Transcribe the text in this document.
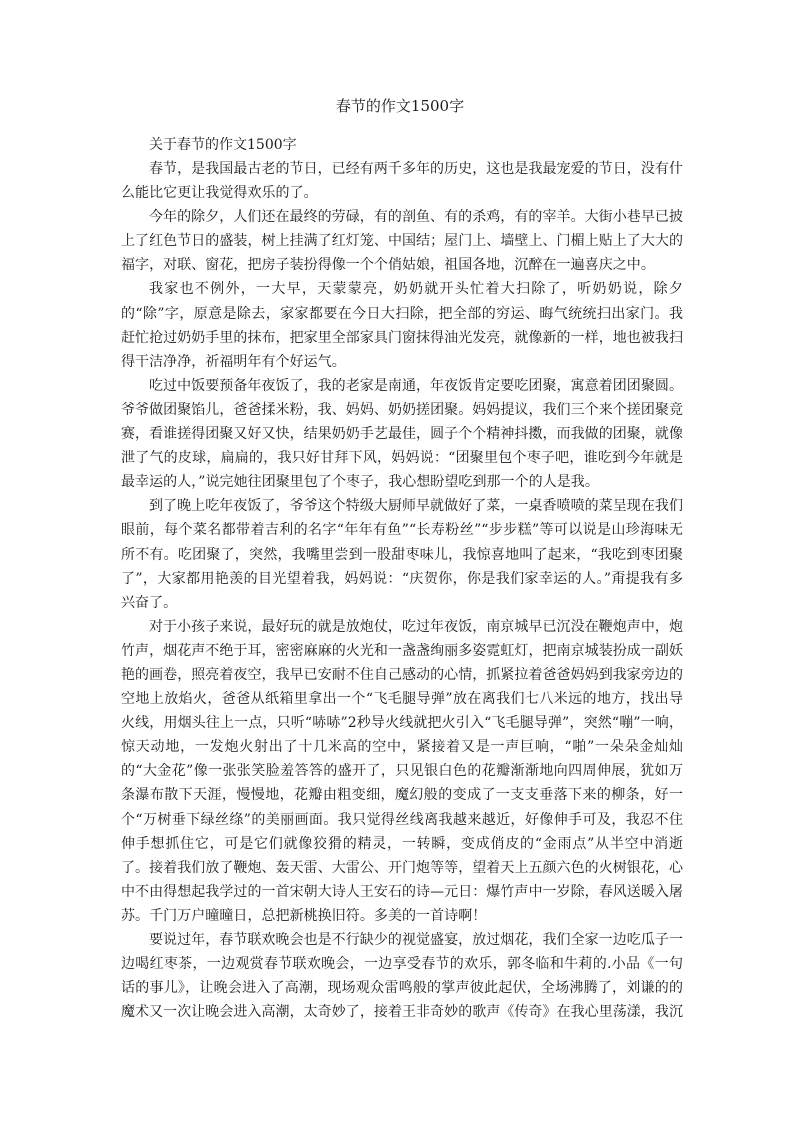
春节的作文1500字

关于春节的作文1500字

春节，是我国最古老的节日，已经有两千多年的历史，这也是我最宠爱的节日，没有什么能比它更让我觉得欢乐的了。

今年的除夕，人们还在最终的劳碌，有的剖鱼、有的杀鸡，有的宰羊。大街小巷早已披上了红色节日的盛装，树上挂满了红灯笼、中国结；屋门上、墙壁上、门楣上贴上了大大的福字，对联、窗花，把房子装扮得像一个个俏姑娘，祖国各地，沉醉在一遍喜庆之中。

我家也不例外，一大早，天蒙蒙亮，奶奶就开头忙着大扫除了，听奶奶说，除夕的“除”字，原意是除去，家家都要在今日大扫除，把全部的穷运、晦气统统扫出家门。我赶忙抢过奶奶手里的抹布，把家里全部家具门窗抹得油光发亮，就像新的一样，地也被我扫得干洁净净，祈福明年有个好运气。

吃过中饭要预备年夜饭了，我的老家是南通，年夜饭肯定要吃团聚，寓意着团团聚圆。爷爷做团聚馅儿，爸爸揉米粉，我、妈妈、奶奶搓团聚。妈妈提议，我们三个来个搓团聚竞赛，看谁搓得团聚又好又快，结果奶奶手艺最佳，圆子个个精神抖擞，而我做的团聚，就像泄了气的皮球，扁扁的，我只好甘拜下风，妈妈说：“团聚里包个枣子吧，谁吃到今年就是最幸运的人，”说完她往团聚里包了个枣子，我心想盼望吃到那一个的人是我。

到了晚上吃年夜饭了，爷爷这个特级大厨师早就做好了菜，一桌香喷喷的菜呈现在我们眼前，每个菜名都带着吉利的名字“年年有鱼”“长寿粉丝”“步步糕”等可以说是山珍海味无所不有。吃团聚了，突然，我嘴里尝到一股甜枣味儿，我惊喜地叫了起来，“我吃到枣团聚了”，大家都用艳羡的目光望着我，妈妈说：“庆贺你，你是我们家幸运的人。”甭提我有多兴奋了。

对于小孩子来说，最好玩的就是放炮仗，吃过年夜饭，南京城早已沉没在鞭炮声中，炮竹声，烟花声不绝于耳，密密麻麻的火光和一盏盏绚丽多姿霓虹灯，把南京城装扮成一副妖艳的画卷，照亮着夜空，我早已安耐不住自己感动的心情，抓紧拉着爸爸妈妈到我家旁边的空地上放焰火，爸爸从纸箱里拿出一个“飞毛腿导弹”放在离我们七八米远的地方，找出导火线，用烟头往上一点，只听“哧哧”2秒导火线就把火引入“飞毛腿导弹”，突然“嘣”一响，惊天动地，一发炮火射出了十几米高的空中，紧接着又是一声巨响，“啪”一朵朵金灿灿的“大金花”像一张张笑脸羞答答的盛开了，只见银白色的花瓣渐渐地向四周伸展，犹如万条瀑布散下天涯，慢慢地，花瓣由粗变细，魔幻般的变成了一支支垂落下来的柳条，好一个“万树垂下绿丝绦”的美丽画面。我只觉得丝线离我越来越近，好像伸手可及，我忍不住伸手想抓住它，可是它们就像狡猾的精灵，一转瞬，变成俏皮的“金雨点”从半空中消逝了。接着我们放了鞭炮、轰天雷、大雷公、开门炮等等，望着天上五颜六色的火树银花，心中不由得想起我学过的一首宋朝大诗人王安石的诗—元日：爆竹声中一岁除，春风送暖入屠苏。千门万户曈曈日，总把新桃换旧符。多美的一首诗啊！

要说过年，春节联欢晚会也是不行缺少的视觉盛宴，放过烟花，我们全家一边吃瓜子一边喝红枣茶，一边观赏春节联欢晚会，一边享受春节的欢乐，郭冬临和牛莉的.小品《一句话的事儿》，让晚会进入了高潮，现场观众雷鸣般的掌声彼此起伏，全场沸腾了，刘谦的的魔术又一次让晚会进入高潮，太奇妙了，接着王非奇妙的歌声《传奇》在我心里荡漾，我沉
